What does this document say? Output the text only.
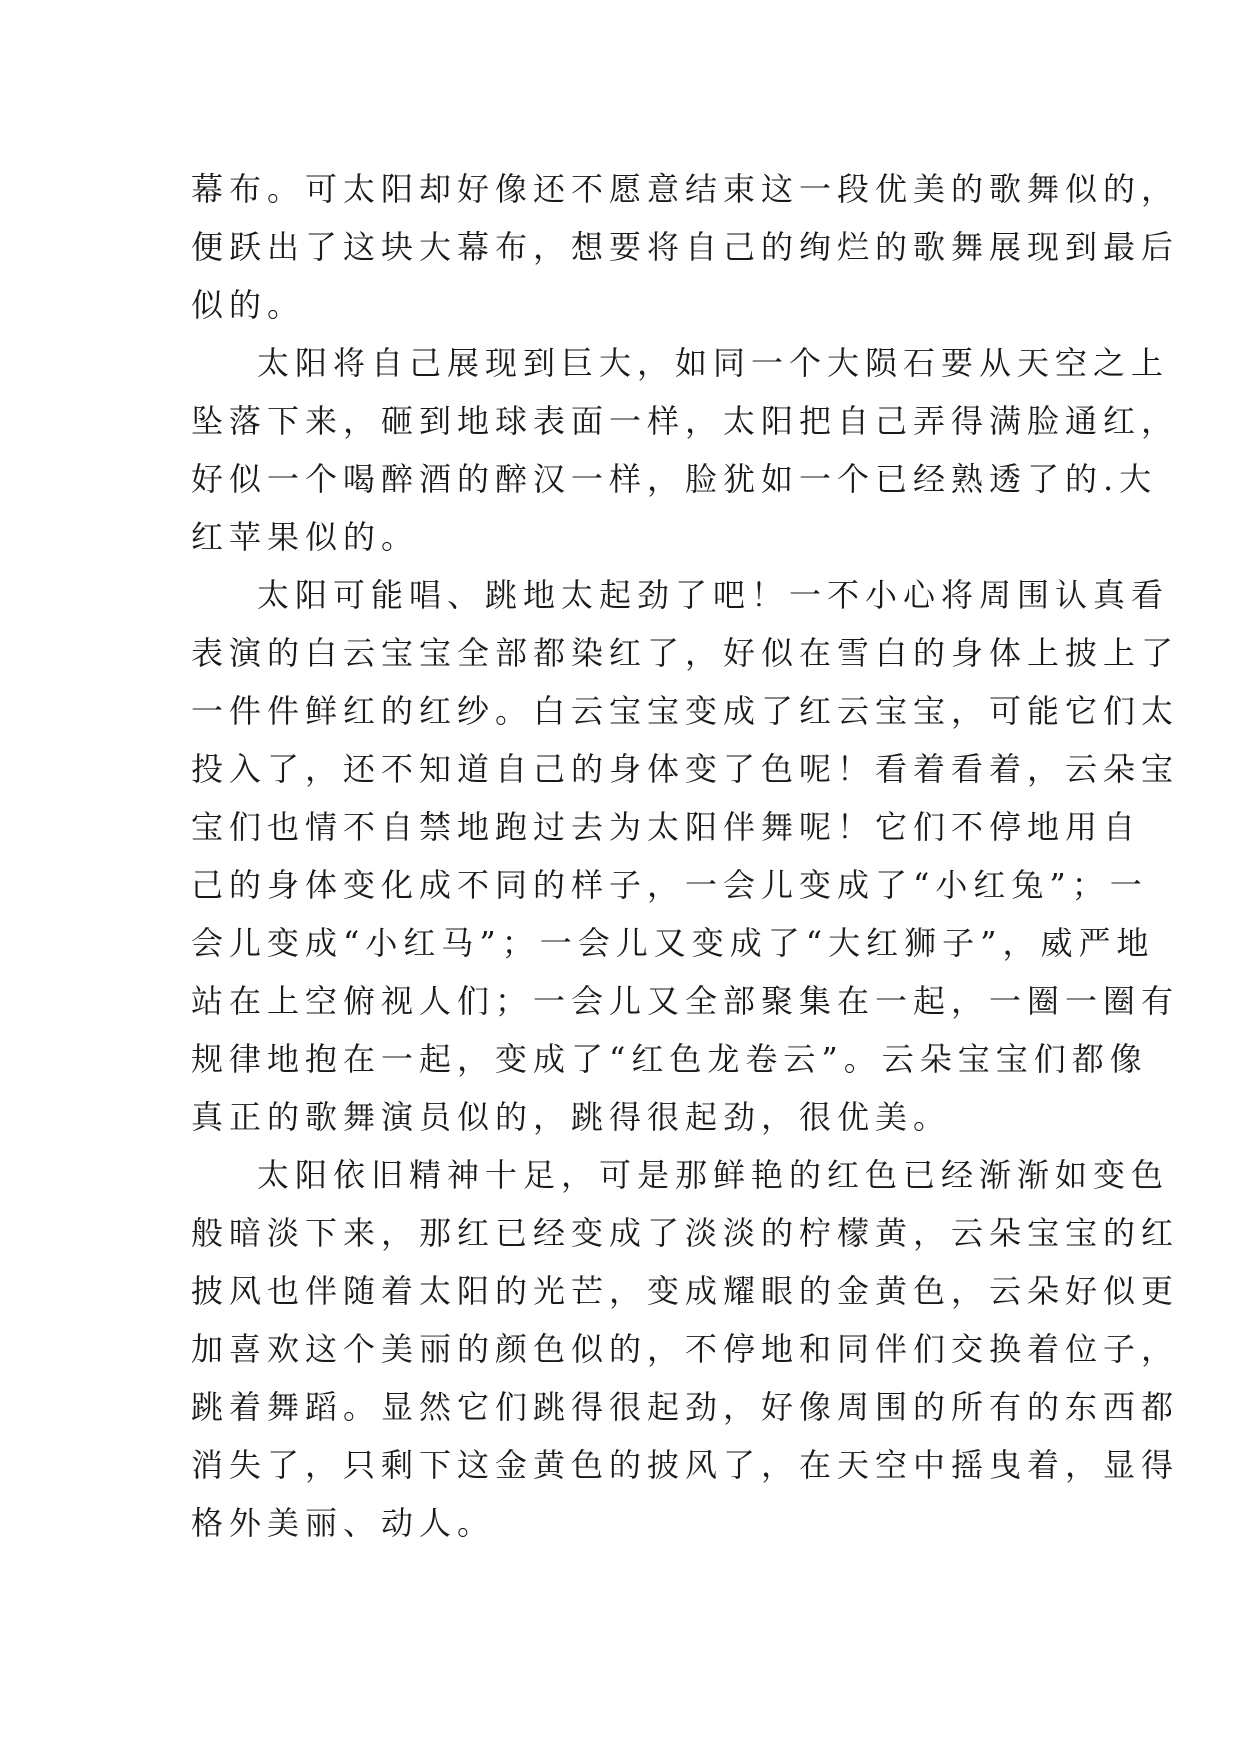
幕布。可太阳却好像还不愿意结束这一段优美的歌舞似的，
便跃出了这块大幕布，想要将自己的绚烂的歌舞展现到最后
似的。
太阳将自己展现到巨大，如同一个大陨石要从天空之上
坠落下来，砸到地球表面一样，太阳把自己弄得满脸通红，
好似一个喝醉酒的醉汉一样，脸犹如一个已经熟透了的.大
红苹果似的。
太阳可能唱、跳地太起劲了吧！一不小心将周围认真看
表演的白云宝宝全部都染红了，好似在雪白的身体上披上了
一件件鲜红的红纱。白云宝宝变成了红云宝宝，可能它们太
投入了，还不知道自己的身体变了色呢！看着看着，云朵宝
宝们也情不自禁地跑过去为太阳伴舞呢！它们不停地用自
己的身体变化成不同的样子，一会儿变成了“小红兔”；一
会儿变成“小红马”；一会儿又变成了“大红狮子”，威严地
站在上空俯视人们；一会儿又全部聚集在一起，一圈一圈有
规律地抱在一起，变成了“红色龙卷云”。云朵宝宝们都像
真正的歌舞演员似的，跳得很起劲，很优美。
太阳依旧精神十足，可是那鲜艳的红色已经渐渐如变色
般暗淡下来，那红已经变成了淡淡的柠檬黄，云朵宝宝的红
披风也伴随着太阳的光芒，变成耀眼的金黄色，云朵好似更
加喜欢这个美丽的颜色似的，不停地和同伴们交换着位子，
跳着舞蹈。显然它们跳得很起劲，好像周围的所有的东西都
消失了，只剩下这金黄色的披风了，在天空中摇曳着，显得
格外美丽、动人。
